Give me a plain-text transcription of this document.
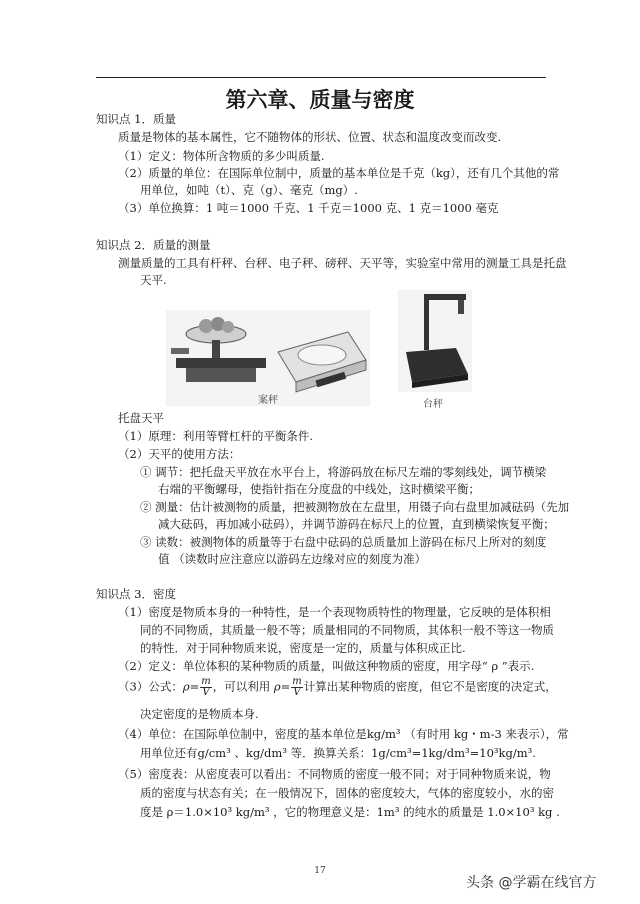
第六章、质量与密度
知识点 1．质量
质量是物体的基本属性，它不随物体的形状、位置、状态和温度改变而改变.
（1）定义：物体所含物质的多少叫质量.
（2）质量的单位：在国际单位制中，质量的基本单位是千克（kg），还有几个其他的常
用单位，如吨（t）、克（g）、毫克（mg）.
（3）单位换算：1 吨＝1000 千克、1 千克＝1000 克、1 克＝1000 毫克
知识点 2．质量的测量
测量质量的工具有杆秤、台秤、电子秤、磅秤、天平等，实验室中常用的测量工具是托盘
天平.
案秤	台秤
托盘天平
（1）原理：利用等臂杠杆的平衡条件.
（2）天平的使用方法：
① 调节：把托盘天平放在水平台上，将游码放在标尺左端的零刻线处，调节横梁
右端的平衡螺母，使指针指在分度盘的中线处，这时横梁平衡；
② 测量：估计被测物的质量，把被测物放在左盘里，用镊子向右盘里加减砝码（先加
减大砝码，再加减小砝码），并调节游码在标尺上的位置，直到横梁恢复平衡；
③ 读数：被测物体的质量等于右盘中砝码的总质量加上游码在标尺上所对的刻度
值 （读数时应注意应以游码左边缘对应的刻度为准）
知识点 3．密度
（1）密度是物质本身的一种特性，是一个表现物质特性的物理量，它反映的是体积相
同的不同物质，其质量一般不等；质量相同的不同物质，其体积一般不等这一物质
的特性．对于同种物质来说，密度是一定的，质量与体积成正比.
（2）定义：单位体积的某种物质的质量，叫做这种物质的密度，用字母“ ρ ”表示.
（3）公式：$\rho= \frac{m}{V}$ ，可以利用 $\rho= \frac{m}{V}$ 计算出某种物质的密度，但它不是密度的决定式，
决定密度的是物质本身.
（4）单位：在国际单位制中，密度的基本单位是kg/m³ （有时用 kg・m-3 来表示），常
用单位还有g/cm³ 、kg/dm³ 等．换算关系：1g/cm³=1kg/dm³=10³kg/m³.
（5）密度表：从密度表可以看出：不同物质的密度一般不同；对于同种物质来说，物
质的密度与状态有关；在一般情况下，固体的密度较大，气体的密度较小，水的密
度是 ρ＝1.0×10³ kg/m³ ，它的物理意义是：1m³ 的纯水的质量是 1.0×10³ kg .
17
头条 @学霸在线官方
